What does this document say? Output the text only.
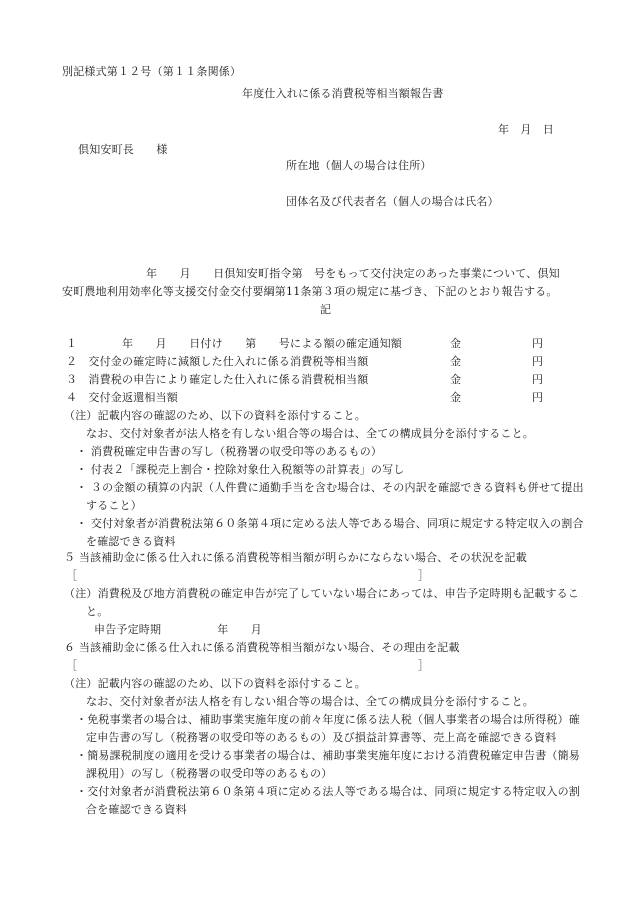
別記様式第１２号（第１１条関係）
年度仕入れに係る消費税等相当額報告書
年　月　日
倶知安町長　　様
所在地（個人の場合は住所）
団体名及び代表者名（個人の場合は氏名）
年　　月　　日倶知安町指令第　号をもって交付決定のあった事業について、倶知
安町農地利用効率化等支援交付金交付要綱第11条第３項の規定に基づき、下記のとおり報告する。
記
１　　　　年　　月　　日付け　　第　　号による額の確定通知額	金	円
２　交付金の確定時に減額した仕入れに係る消費税等相当額	金	円
３　消費税の申告により確定した仕入れに係る消費税相当額	金	円
４　交付金返還相当額	金	円
（注）記載内容の確認のため、以下の資料を添付すること。
なお、交付対象者が法人格を有しない組合等の場合は、全ての構成員分を添付すること。
・ 消費税確定申告書の写し（税務署の収受印等のあるもの）
・ 付表２「課税売上割合・控除対象仕入税額等の計算表」の写し
・ ３の金額の積算の内訳（人件費に通勤手当を含む場合は、その内訳を確認できる資料も併せて提出
すること）
・ 交付対象者が消費税法第６０条第４項に定める法人等である場合、同項に規定する特定収入の割合
を確認できる資料
５ 当該補助金に係る仕入れに係る消費税等相当額が明らかにならない場合、その状況を記載
［	］
（注）消費税及び地方消費税の確定申告が完了していない場合にあっては、申告予定時期も記載するこ
と。
申告予定時期　　　　　年　　月
６ 当該補助金に係る仕入れに係る消費税等相当額がない場合、その理由を記載
［	］
（注）記載内容の確認のため、以下の資料を添付すること。
なお、交付対象者が法人格を有しない組合等の場合は、全ての構成員分を添付すること。
・免税事業者の場合は、補助事業実施年度の前々年度に係る法人税（個人事業者の場合は所得税）確
定申告書の写し（税務署の収受印等のあるもの）及び損益計算書等、売上高を確認できる資料
・簡易課税制度の適用を受ける事業者の場合は、補助事業実施年度における消費税確定申告書（簡易
課税用）の写し（税務署の収受印等のあるもの）
・交付対象者が消費税法第６０条第４項に定める法人等である場合は、同項に規定する特定収入の割
合を確認できる資料
